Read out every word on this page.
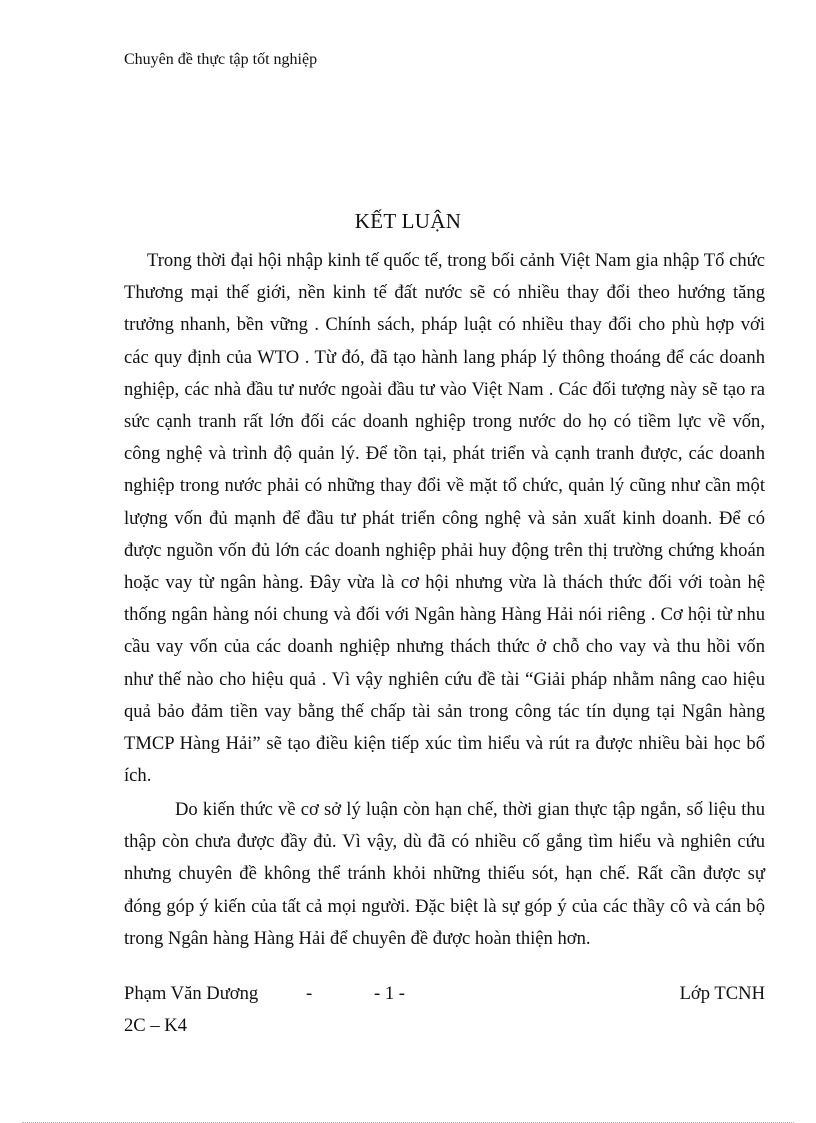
Chuyên đề thực tập tốt nghiệp
KẾT LUẬN

Trong thời đại hội nhập kinh tế quốc tế, trong bối cảnh Việt Nam gia nhập Tổ chức Thương mại thế giới, nền kinh tế đất nước sẽ có nhiều thay đổi theo hướng tăng trưởng nhanh, bền vững . Chính sách, pháp luật có nhiều thay đổi cho phù hợp với các quy định của WTO . Từ đó, đã tạo hành lang pháp lý thông thoáng để các doanh nghiệp, các nhà đầu tư nước ngoài đầu tư vào Việt Nam . Các đối tượng này sẽ tạo ra sức cạnh tranh rất lớn đối các doanh nghiệp trong nước do họ có tiềm lực về vốn, công nghệ và trình độ quản lý. Để tồn tại, phát triển và cạnh tranh được, các doanh nghiệp trong nước phải có những thay đổi về mặt tổ chức, quản lý cũng như cần một lượng vốn đủ mạnh để đầu tư phát triển công nghệ và sản xuất kinh doanh. Để có được nguồn vốn đủ lớn các doanh nghiệp phải huy động trên thị trường chứng khoán hoặc vay từ ngân hàng. Đây vừa là cơ hội nhưng vừa là thách thức đối với toàn hệ thống ngân hàng nói chung và đối với Ngân hàng Hàng Hải nói riêng . Cơ hội từ nhu cầu vay vốn của các doanh nghiệp nhưng thách thức ở chỗ cho vay và thu hồi vốn như thế nào cho hiệu quả . Vì vậy nghiên cứu đề tài “Giải pháp nhằm nâng cao hiệu quả bảo đảm tiền vay bằng thế chấp tài sản trong công tác tín dụng tại Ngân hàng TMCP Hàng Hải” sẽ tạo điều kiện tiếp xúc tìm hiểu và rút ra được nhiều bài học bổ ích.

Do kiến thức về cơ sở lý luận còn hạn chế, thời gian thực tập ngắn, số liệu thu thập còn chưa được đầy đủ. Vì vậy, dù đã có nhiều cố gắng tìm hiểu và nghiên cứu nhưng chuyên đề không thể tránh khỏi những thiếu sót, hạn chế. Rất cần được sự đóng góp ý kiến của tất cả mọi người. Đặc biệt là sự góp ý của các thầy cô và cán bộ trong Ngân hàng Hàng Hải để chuyên đề được hoàn thiện hơn.

Phạm Văn Dương	-	- 1 -	Lớp TCNH
2C – K4
